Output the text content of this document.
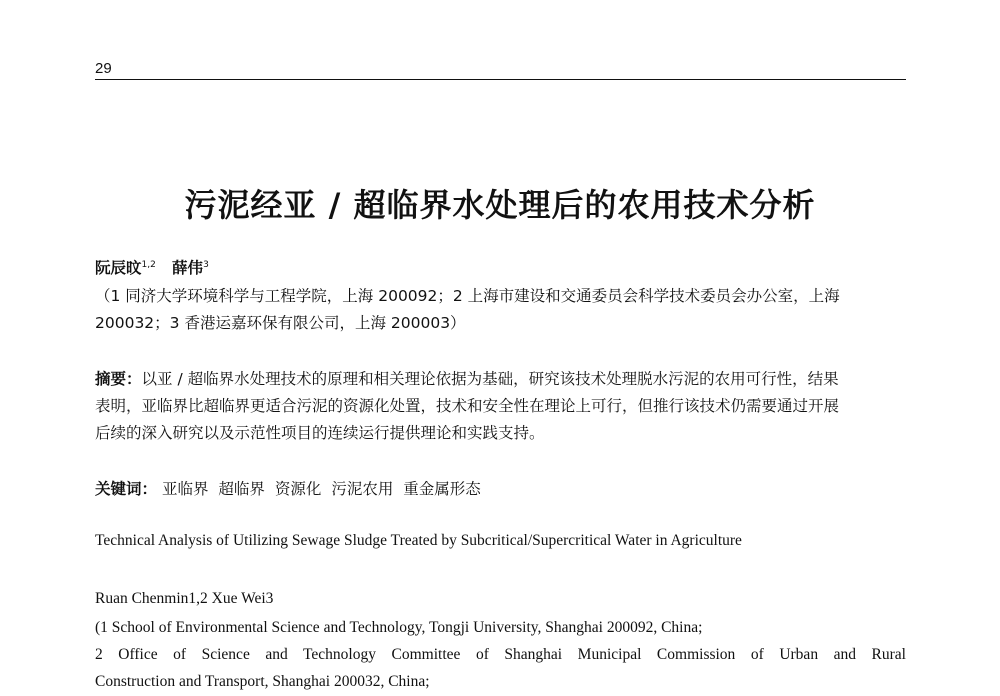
29
污泥经亚 / 超临界水处理后的农用技术分析
阮辰旼$^{1,2}$ 薛伟$^3$
（1 同济大学环境科学与工程学院，上海 200092；2 上海市建设和交通委员会科学技术委员会办公室，上海
200032；3 香港运嘉环保有限公司，上海 200003）
摘要：以亚 / 超临界水处理技术的原理和相关理论依据为基础，研究该技术处理脱水污泥的农用可行性，结果
表明，亚临界比超临界更适合污泥的资源化处置，技术和安全性在理论上可行，但推行该技术仍需要通过开展
后续的深入研究以及示范性项目的连续运行提供理论和实践支持。
关键词： 亚临界 超临界 资源化 污泥农用 重金属形态
Technical Analysis of Utilizing Sewage Sludge Treated by Subcritical/Supercritical Water in Agriculture
Ruan Chenmin1,2 Xue Wei3
(1 School of Environmental Science and Technology, Tongji University, Shanghai 200092, China;
2 Office of Science and Technology Committee of Shanghai Municipal Commission of Urban and Rural
Construction and Transport, Shanghai 200032, China;
